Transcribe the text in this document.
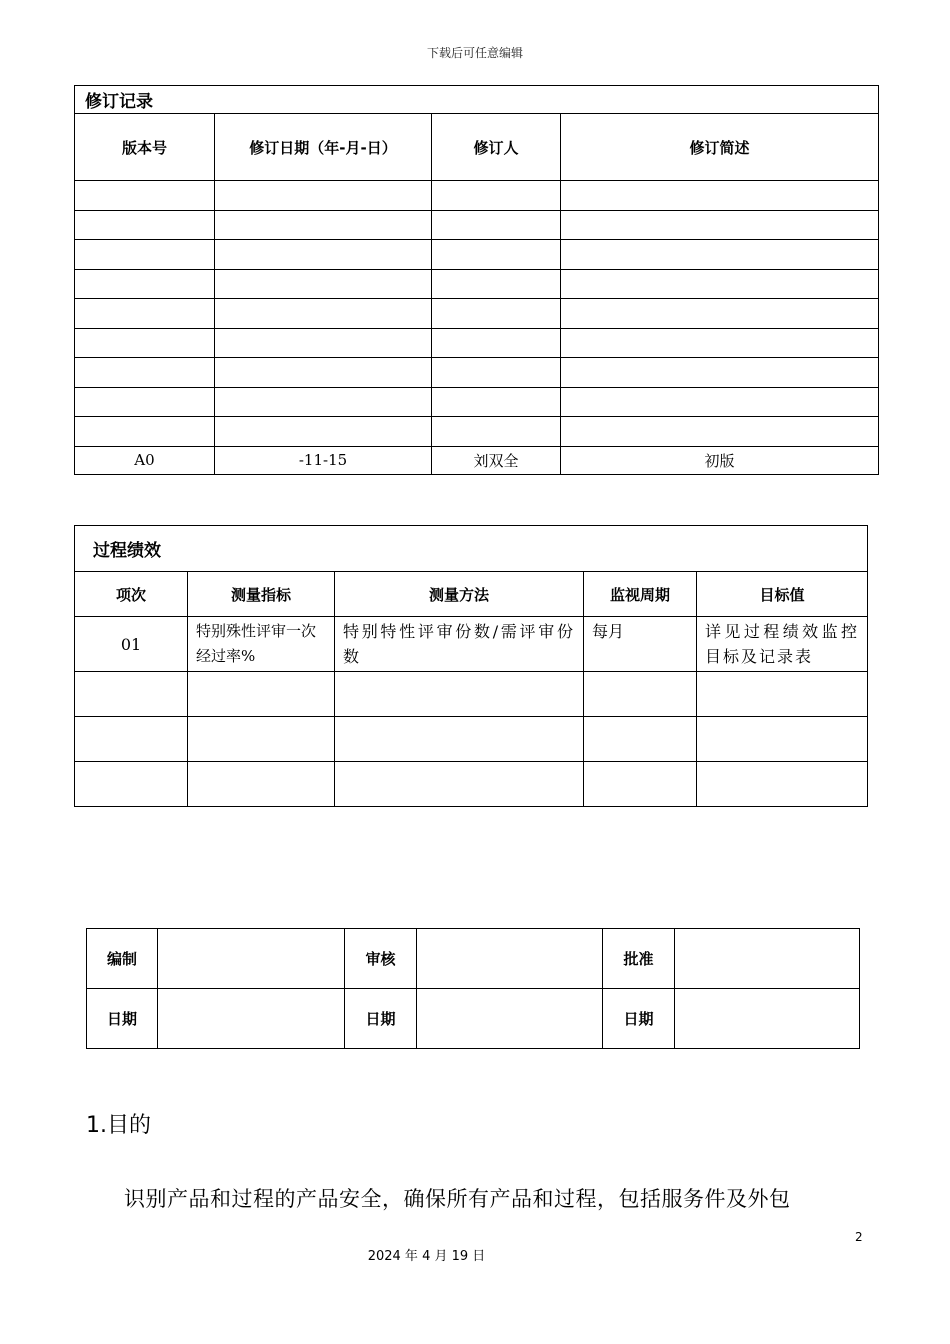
下载后可任意编辑
修订记录			
版本号	修订日期（年-月-日）	修订人	修订简述

A0	-11-15	刘双全	初版
过程绩效				
项次	测量指标	测量方法	监视周期	目标值
01	特别殊性评审一次经过率%	特别特性评审份数/需评审份数	每月	详见过程绩效监控目标及记录表

编制		审核		批准	
日期		日期		日期	
1.目的
识别产品和过程的产品安全，确保所有产品和过程，包括服务件及外包
2
2024 年 4 月 19 日
